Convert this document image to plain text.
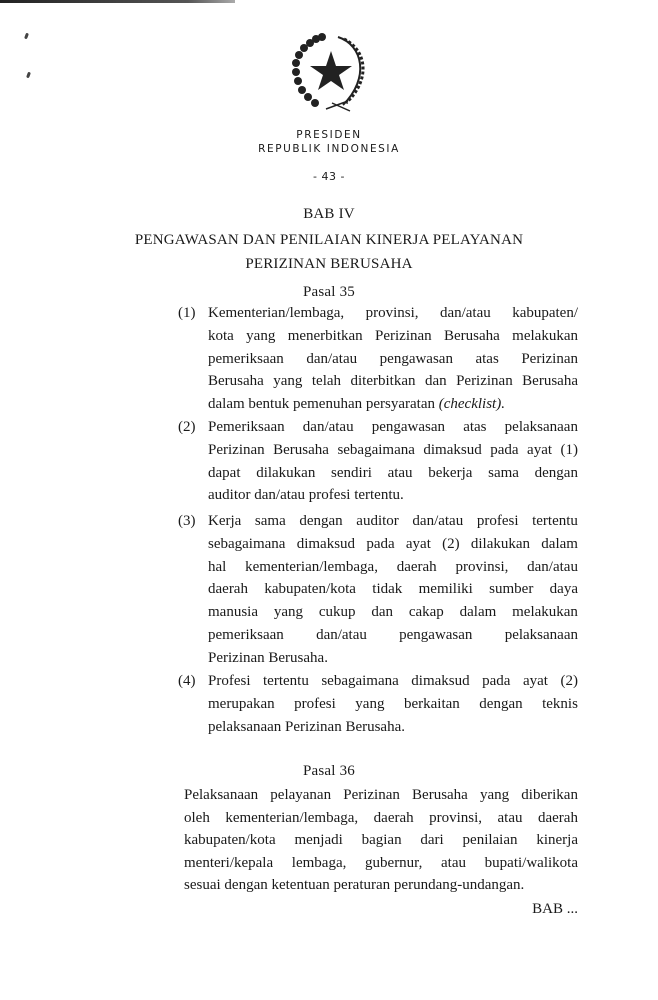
PRESIDEN
REPUBLIK INDONESIA
- 43 -
BAB IV
PENGAWASAN DAN PENILAIAN KINERJA PELAYANAN
PERIZINAN BERUSAHA
Pasal 35
(1) Kementerian/lembaga, provinsi, dan/atau kabupaten/
kota yang menerbitkan Perizinan Berusaha melakukan
pemeriksaan dan/atau pengawasan atas Perizinan
Berusaha yang telah diterbitkan dan Perizinan Berusaha
dalam bentuk pemenuhan persyaratan (checklist).
(2) Pemeriksaan dan/atau pengawasan atas pelaksanaan
Perizinan Berusaha sebagaimana dimaksud pada ayat (1)
dapat dilakukan sendiri atau bekerja sama dengan
auditor dan/atau profesi tertentu.
(3) Kerja sama dengan auditor dan/atau profesi tertentu
sebagaimana dimaksud pada ayat (2) dilakukan dalam
hal kementerian/lembaga, daerah provinsi, dan/atau
daerah kabupaten/kota tidak memiliki sumber daya
manusia yang cukup dan cakap dalam melakukan
pemeriksaan dan/atau pengawasan pelaksanaan
Perizinan Berusaha.
(4) Profesi tertentu sebagaimana dimaksud pada ayat (2)
merupakan profesi yang berkaitan dengan teknis
pelaksanaan Perizinan Berusaha.
Pasal 36
Pelaksanaan pelayanan Perizinan Berusaha yang diberikan
oleh kementerian/lembaga, daerah provinsi, atau daerah
kabupaten/kota menjadi bagian dari penilaian kinerja
menteri/kepala lembaga, gubernur, atau bupati/walikota
sesuai dengan ketentuan peraturan perundang-undangan.
BAB ...
